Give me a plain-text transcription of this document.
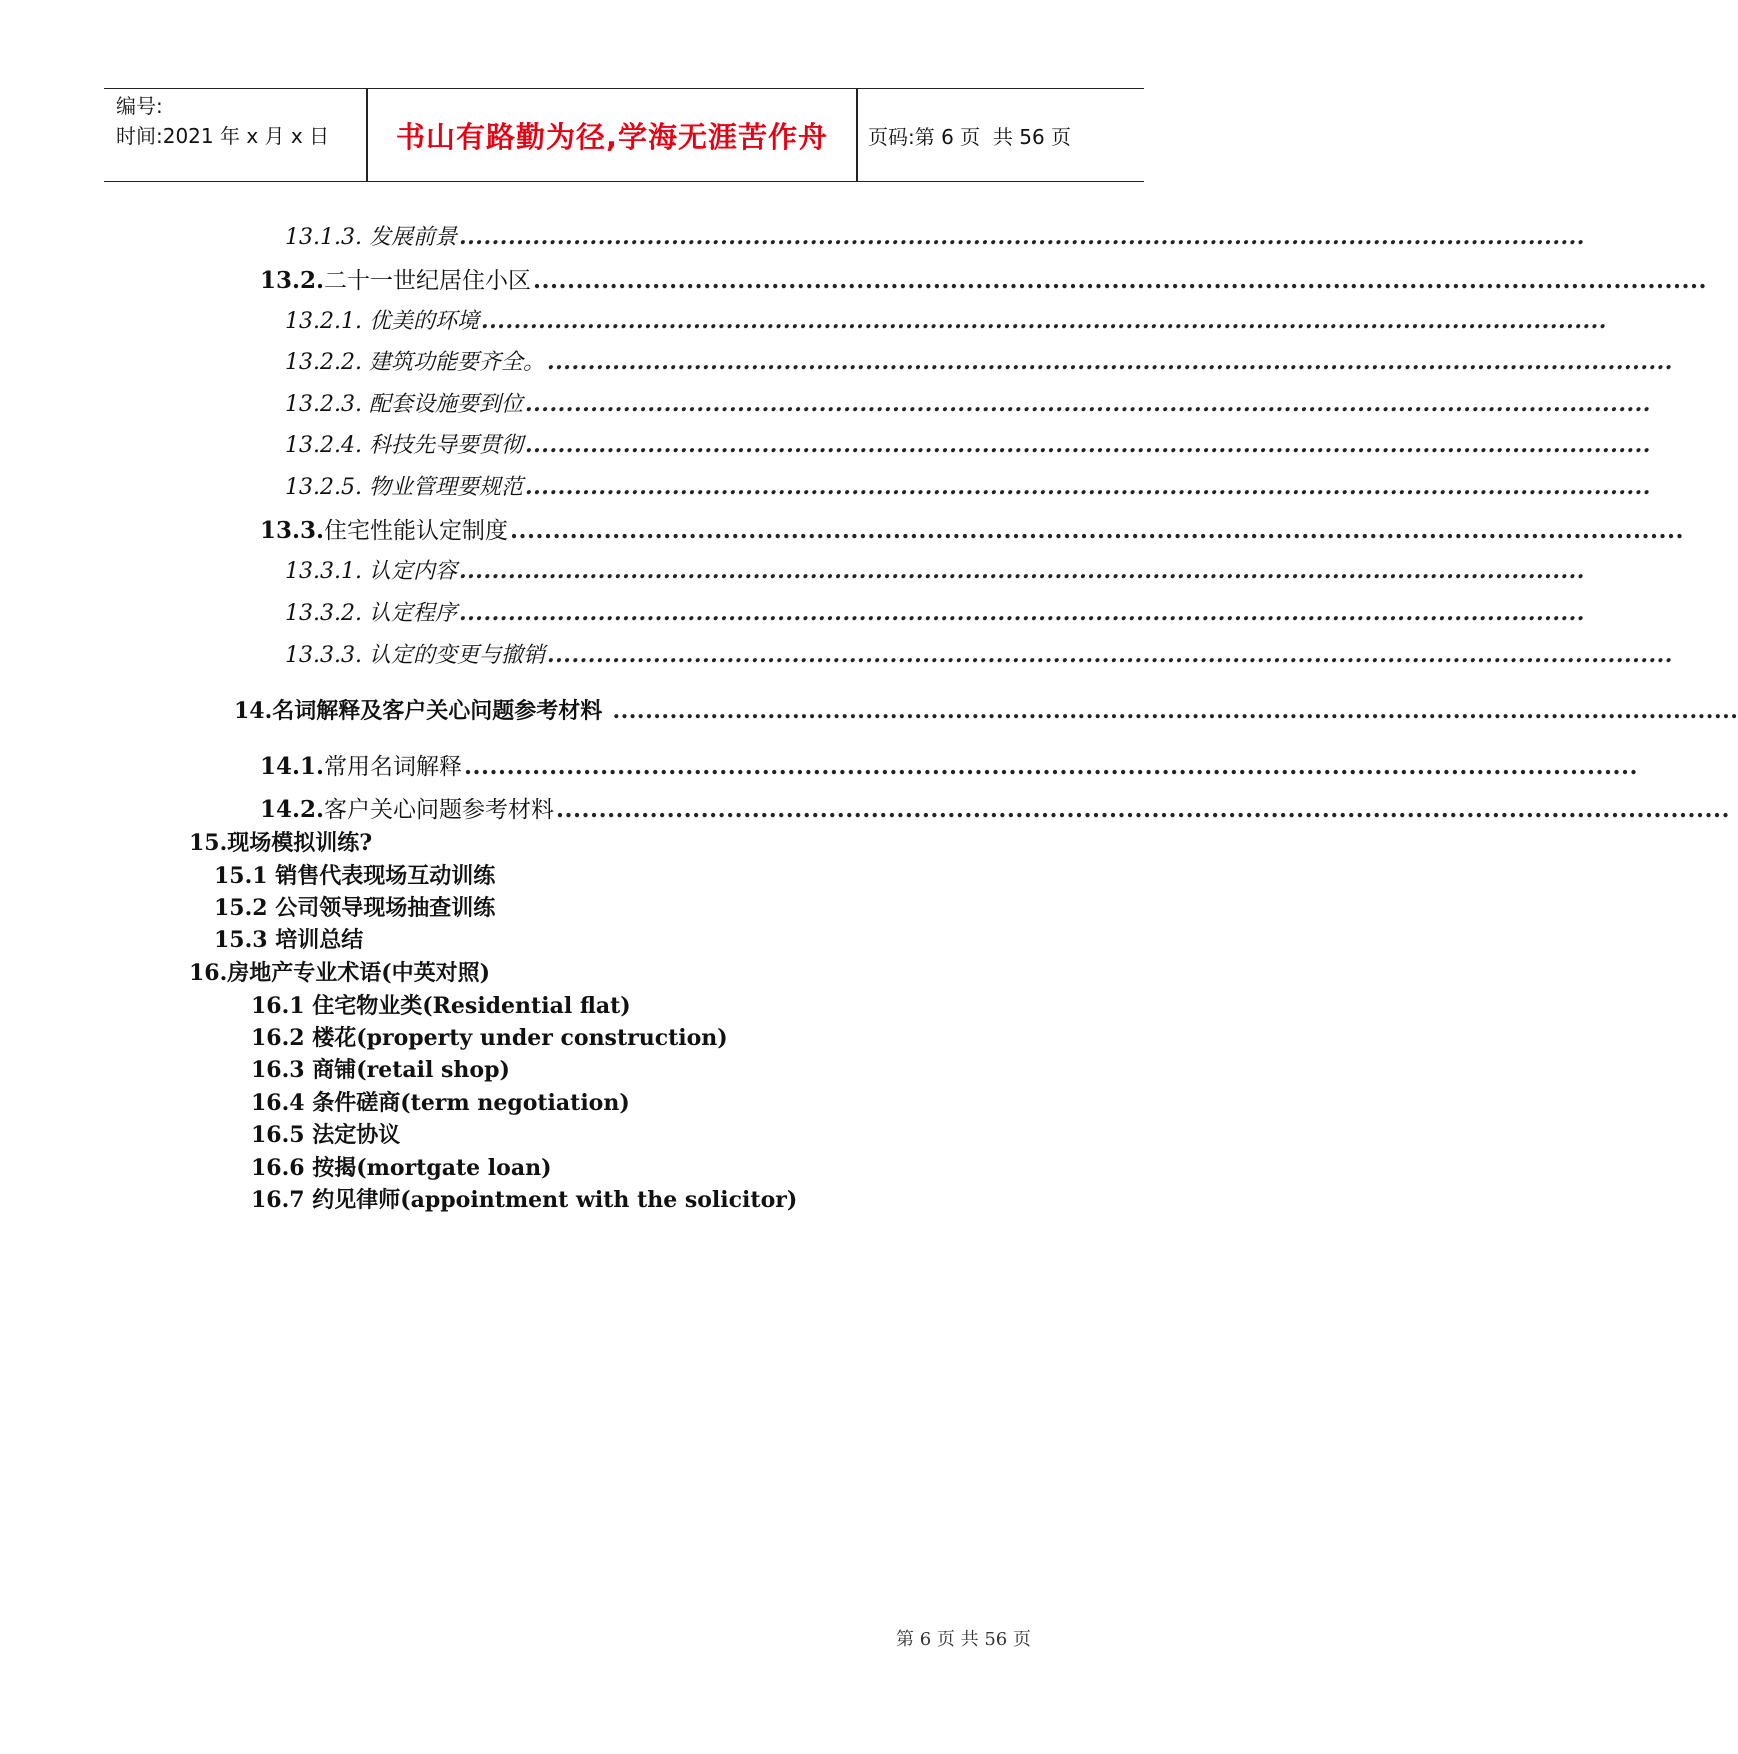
编号:
时间:2021 年 x 月 x 日	书山有路勤为径,学海无涯苦作舟	页码:第 6 页  共 56 页
13.1.3.
发展前景 ..........................................................................................................................................
13.2. 二十一世纪居住小区 ..........................................................................................................................................
13.2.1.
优美的环境 ..........................................................................................................................................
13.2.2.
建筑功能要齐全。 ..........................................................................................................................................
13.2.3.
配套设施要到位 ..........................................................................................................................................
13.2.4.
科技先导要贯彻 ..........................................................................................................................................
13.2.5.
物业管理要规范 ..........................................................................................................................................
13.3. 住宅性能认定制度 ..........................................................................................................................................
13.3.1.
认定内容 ..........................................................................................................................................
13.3.2.
认定程序 ..........................................................................................................................................
13.3.3.
认定的变更与撤销 ..........................................................................................................................................
14. 名词解释及客户关心问题参考材料 ..........................................................................................................................................
14.1. 常用名词解释 ..........................................................................................................................................
14.2. 客户关心问题参考材料 ..........................................................................................................................................
15.现场模拟训练?
15.1 销售代表现场互动训练
15.2 公司领导现场抽查训练
15.3 培训总结
16.房地产专业术语(中英对照)
16.1 住宅物业类(Residential flat)
16.2 楼花(property under construction)
16.3 商铺(retail shop)
16.4 条件磋商(term negotiation)
16.5 法定协议
16.6 按揭(mortgate loan)
16.7 约见律师(appointment with the solicitor)
第 6 页 共 56 页
